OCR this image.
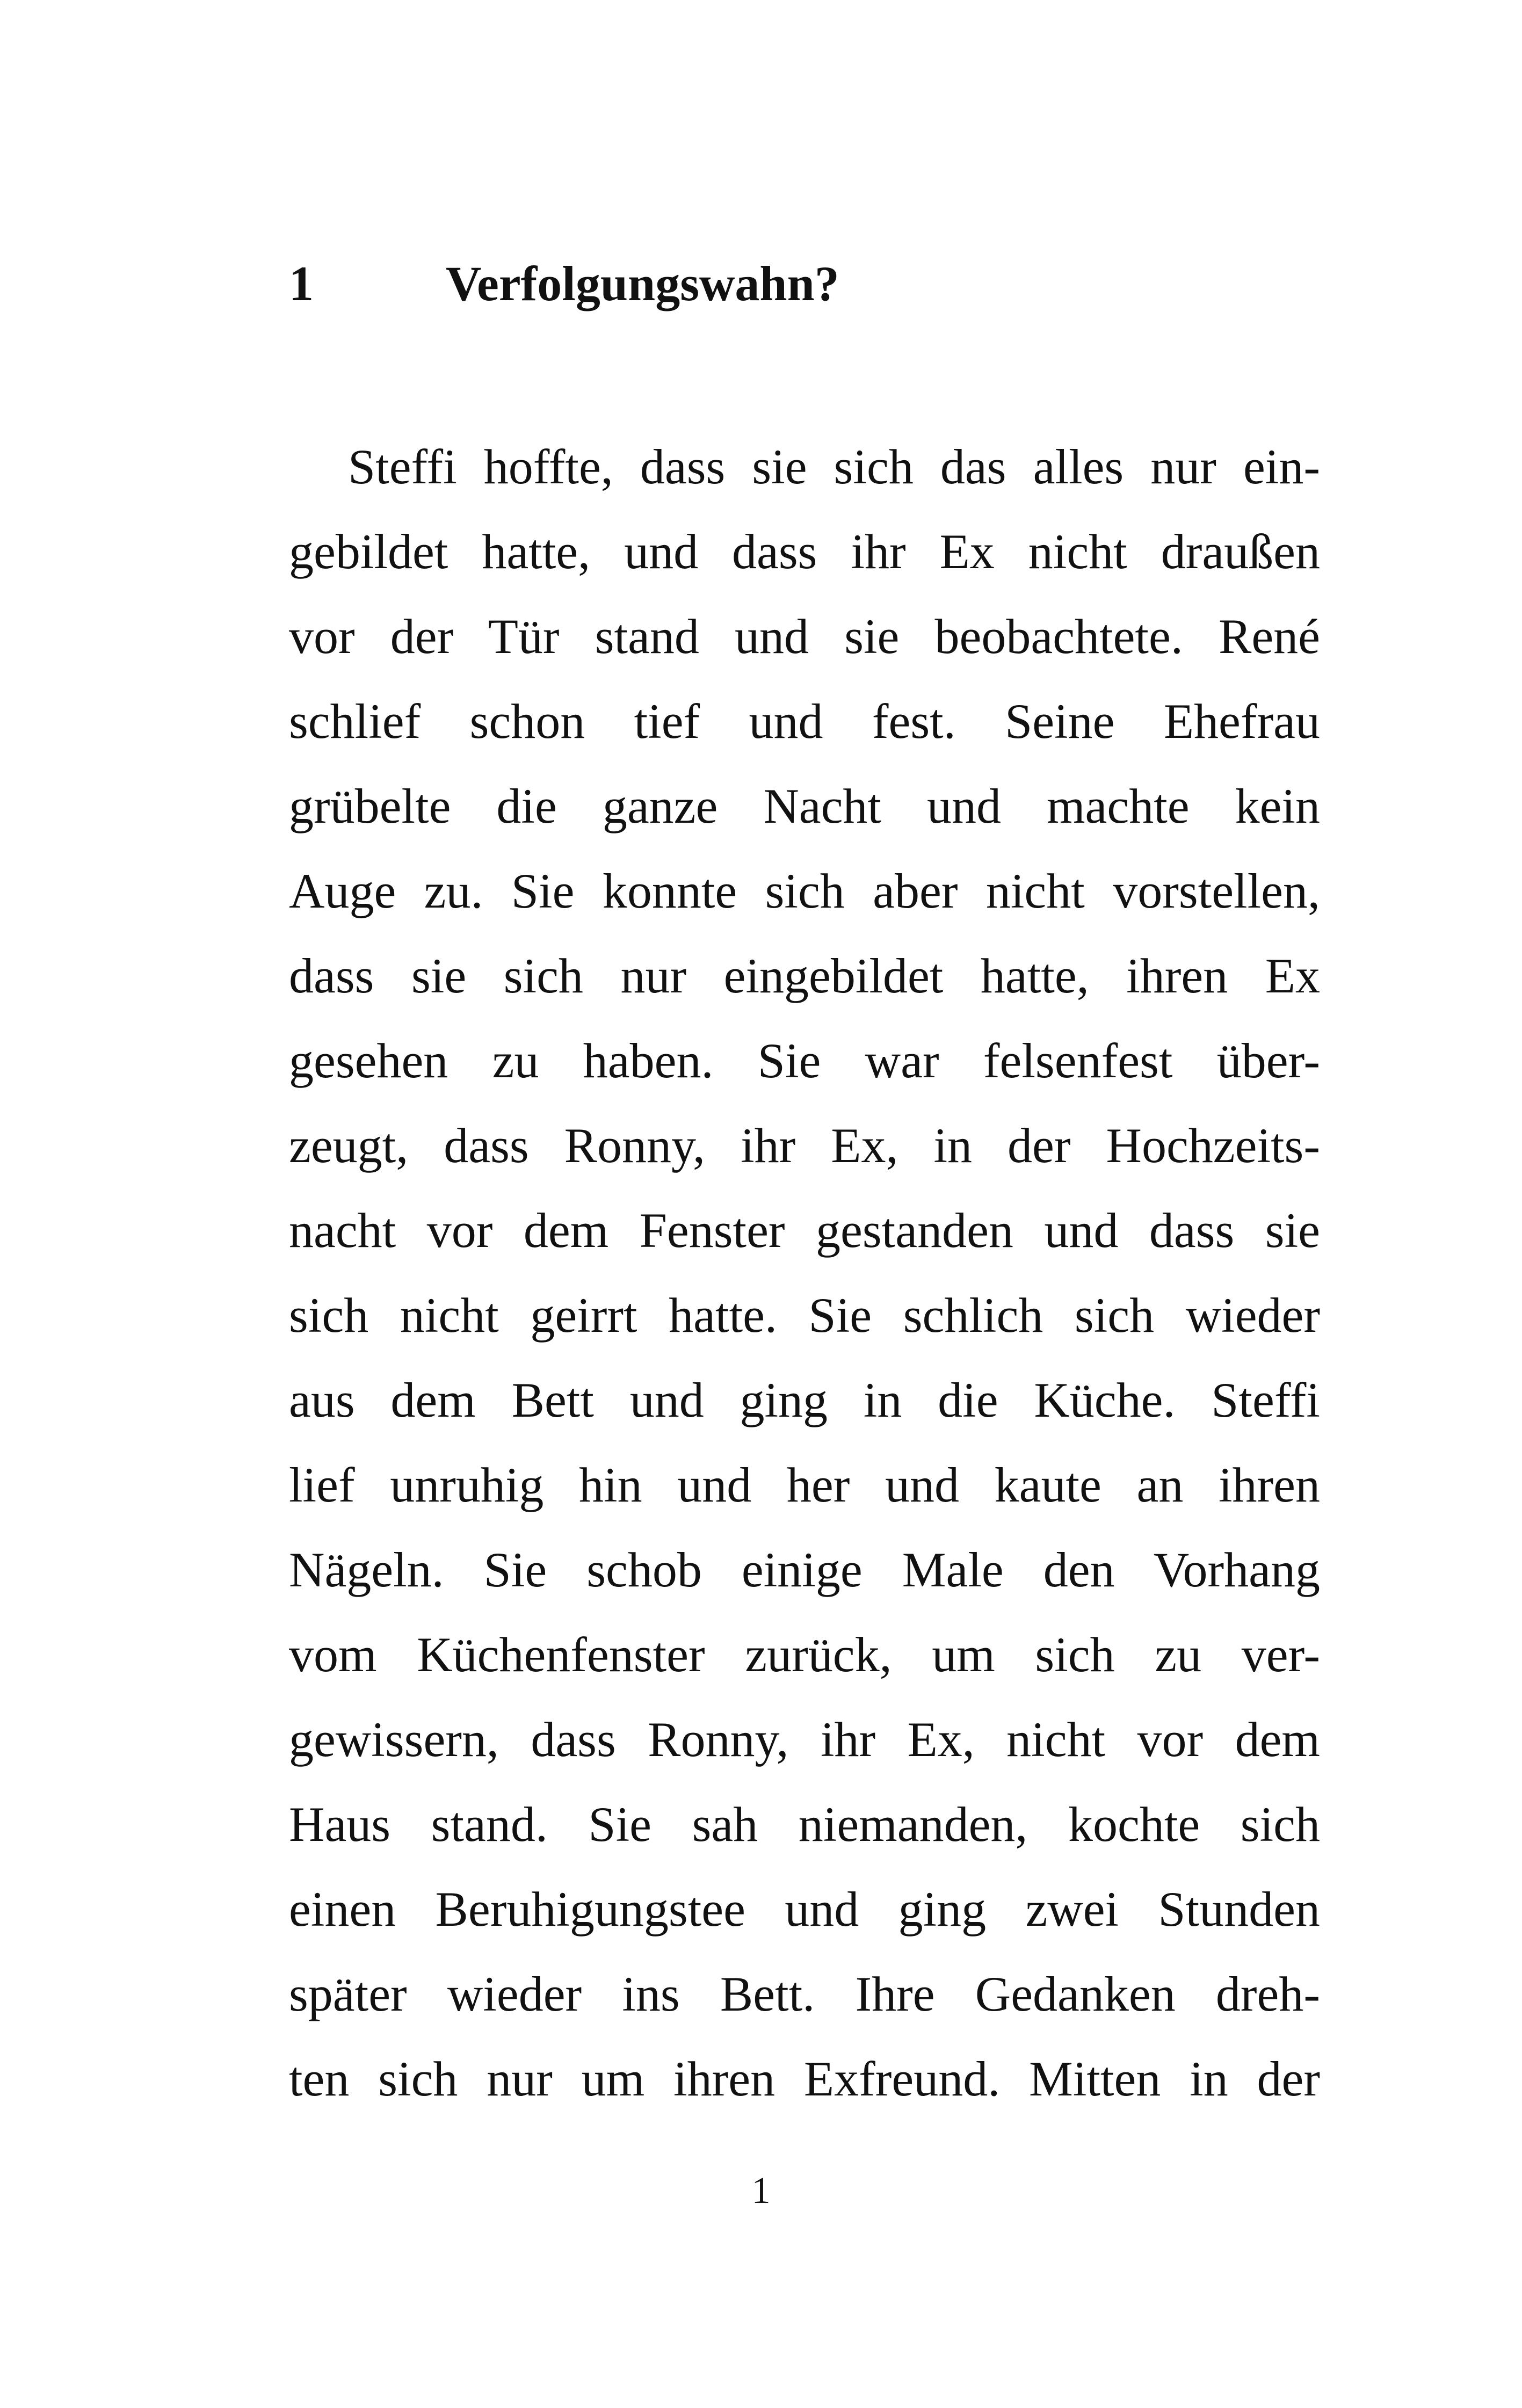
1	Verfolgungswahn?
Steffi hoffte, dass sie sich das alles nur ein-
gebildet hatte, und dass ihr Ex nicht draußen
vor der Tür stand und sie beobachtete. René
schlief schon tief und fest. Seine Ehefrau
grübelte die ganze Nacht und machte kein
Auge zu. Sie konnte sich aber nicht vorstellen,
dass sie sich nur eingebildet hatte, ihren Ex
gesehen zu haben. Sie war felsenfest über-
zeugt, dass Ronny, ihr Ex, in der Hochzeits-
nacht vor dem Fenster gestanden und dass sie
sich nicht geirrt hatte. Sie schlich sich wieder
aus dem Bett und ging in die Küche. Steffi
lief unruhig hin und her und kaute an ihren
Nägeln. Sie schob einige Male den Vorhang
vom Küchenfenster zurück, um sich zu ver-
gewissern, dass Ronny, ihr Ex, nicht vor dem
Haus stand. Sie sah niemanden, kochte sich
einen Beruhigungstee und ging zwei Stunden
später wieder ins Bett. Ihre Gedanken dreh-
ten sich nur um ihren Exfreund. Mitten in der
1
